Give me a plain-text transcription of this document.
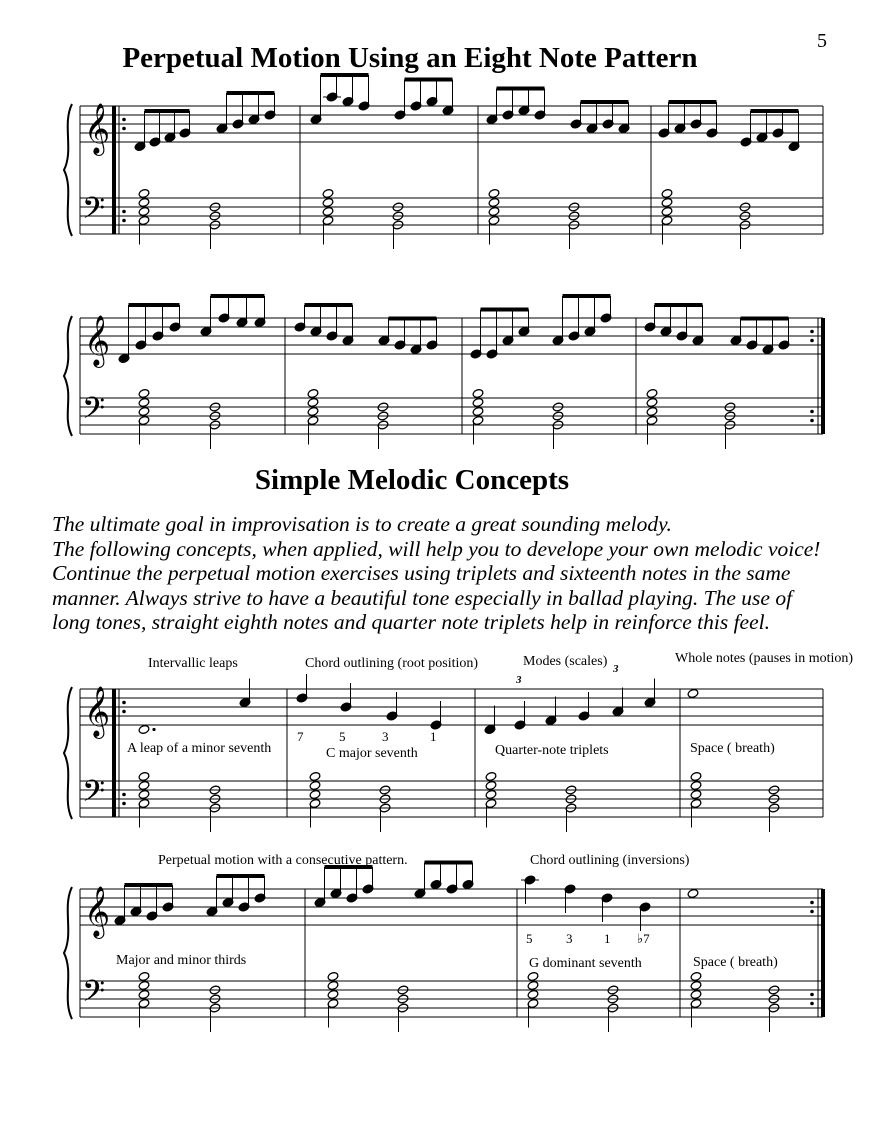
5
Perpetual Motion Using an Eight Note Pattern
Simple Melodic Concepts
The ultimate goal in improvisation is to create a great sounding melody.
The following concepts, when applied, will help you to develope your own melodic voice!
Continue the perpetual motion exercises using triplets and sixteenth notes in the same
manner. Always strive to have a beautiful tone especially in ballad playing. The use of
long tones, straight eighth notes and quarter note triplets help in reinforce this feel.
𝄞
𝄢
𝄞
𝄢
𝄞
𝄢
𝄞
𝄢
Intervallic leaps	Chord outlining (root position)	Modes (scales)	Whole notes (pauses in motion)
A leap of a minor seventh	C major seventh	Quarter-note triplets	Space ( breath)
7	5	3	1
3
3
Perpetual motion with a consecutive pattern.	Chord outlining (inversions)
Major and minor thirds	G dominant seventh	Space ( breath)
5	3 1 ♭7
